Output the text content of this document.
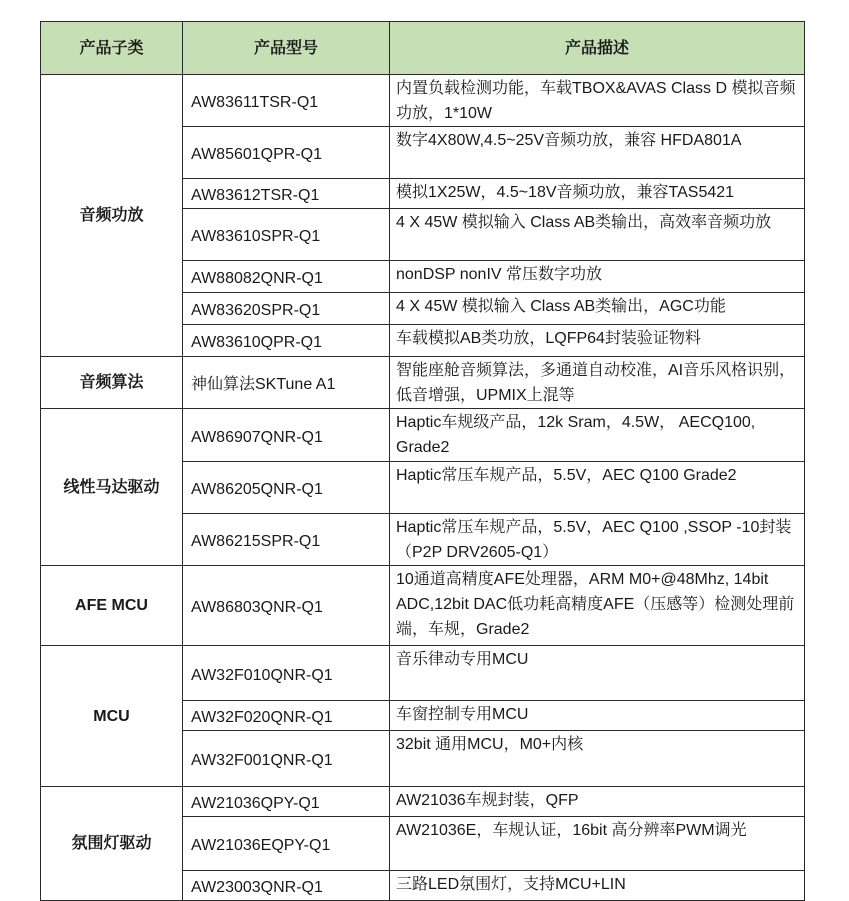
产品子类	产品型号	产品描述
音频功放	AW83611TSR-Q1	内置负载检测功能，车载TBOX&AVAS Class D 模拟音频功放，1*10W
	AW85601QPR-Q1	数字4X80W,4.5~25V音频功放，兼容 HFDA801A
	AW83612TSR-Q1	模拟1X25W，4.5~18V音频功放，兼容TAS5421
	AW83610SPR-Q1	4 X 45W 模拟输入 Class AB类输出，高效率音频功放
	AW88082QNR-Q1	nonDSP nonIV 常压数字功放
	AW83620SPR-Q1	4 X 45W 模拟输入 Class AB类输出，AGC功能
	AW83610QPR-Q1	车载模拟AB类功放，LQFP64封装验证物料
音频算法	神仙算法SKTune A1	智能座舱音频算法，多通道自动校准，AI音乐风格识别，低音增强，UPMIX上混等
线性马达驱动	AW86907QNR-Q1	Haptic车规级产品，12k Sram，4.5W， AECQ100, Grade2
	AW86205QNR-Q1	Haptic常压车规产品，5.5V，AEC Q100 Grade2
	AW86215SPR-Q1	Haptic常压车规产品，5.5V，AEC Q100 ,SSOP -10封装（P2P DRV2605-Q1）
AFE MCU	AW86803QNR-Q1	10通道高精度AFE处理器，ARM M0+@48Mhz, 14bit ADC,12bit DAC低功耗高精度AFE（压感等）检测处理前端，车规，Grade2
MCU	AW32F010QNR-Q1	音乐律动专用MCU
	AW32F020QNR-Q1	车窗控制专用MCU
	AW32F001QNR-Q1	32bit 通用MCU，M0+内核
氛围灯驱动	AW21036QPY-Q1	AW21036车规封装，QFP
	AW21036EQPY-Q1	AW21036E，车规认证，16bit 高分辨率PWM调光
	AW23003QNR-Q1	三路LED氛围灯，支持MCU+LIN
